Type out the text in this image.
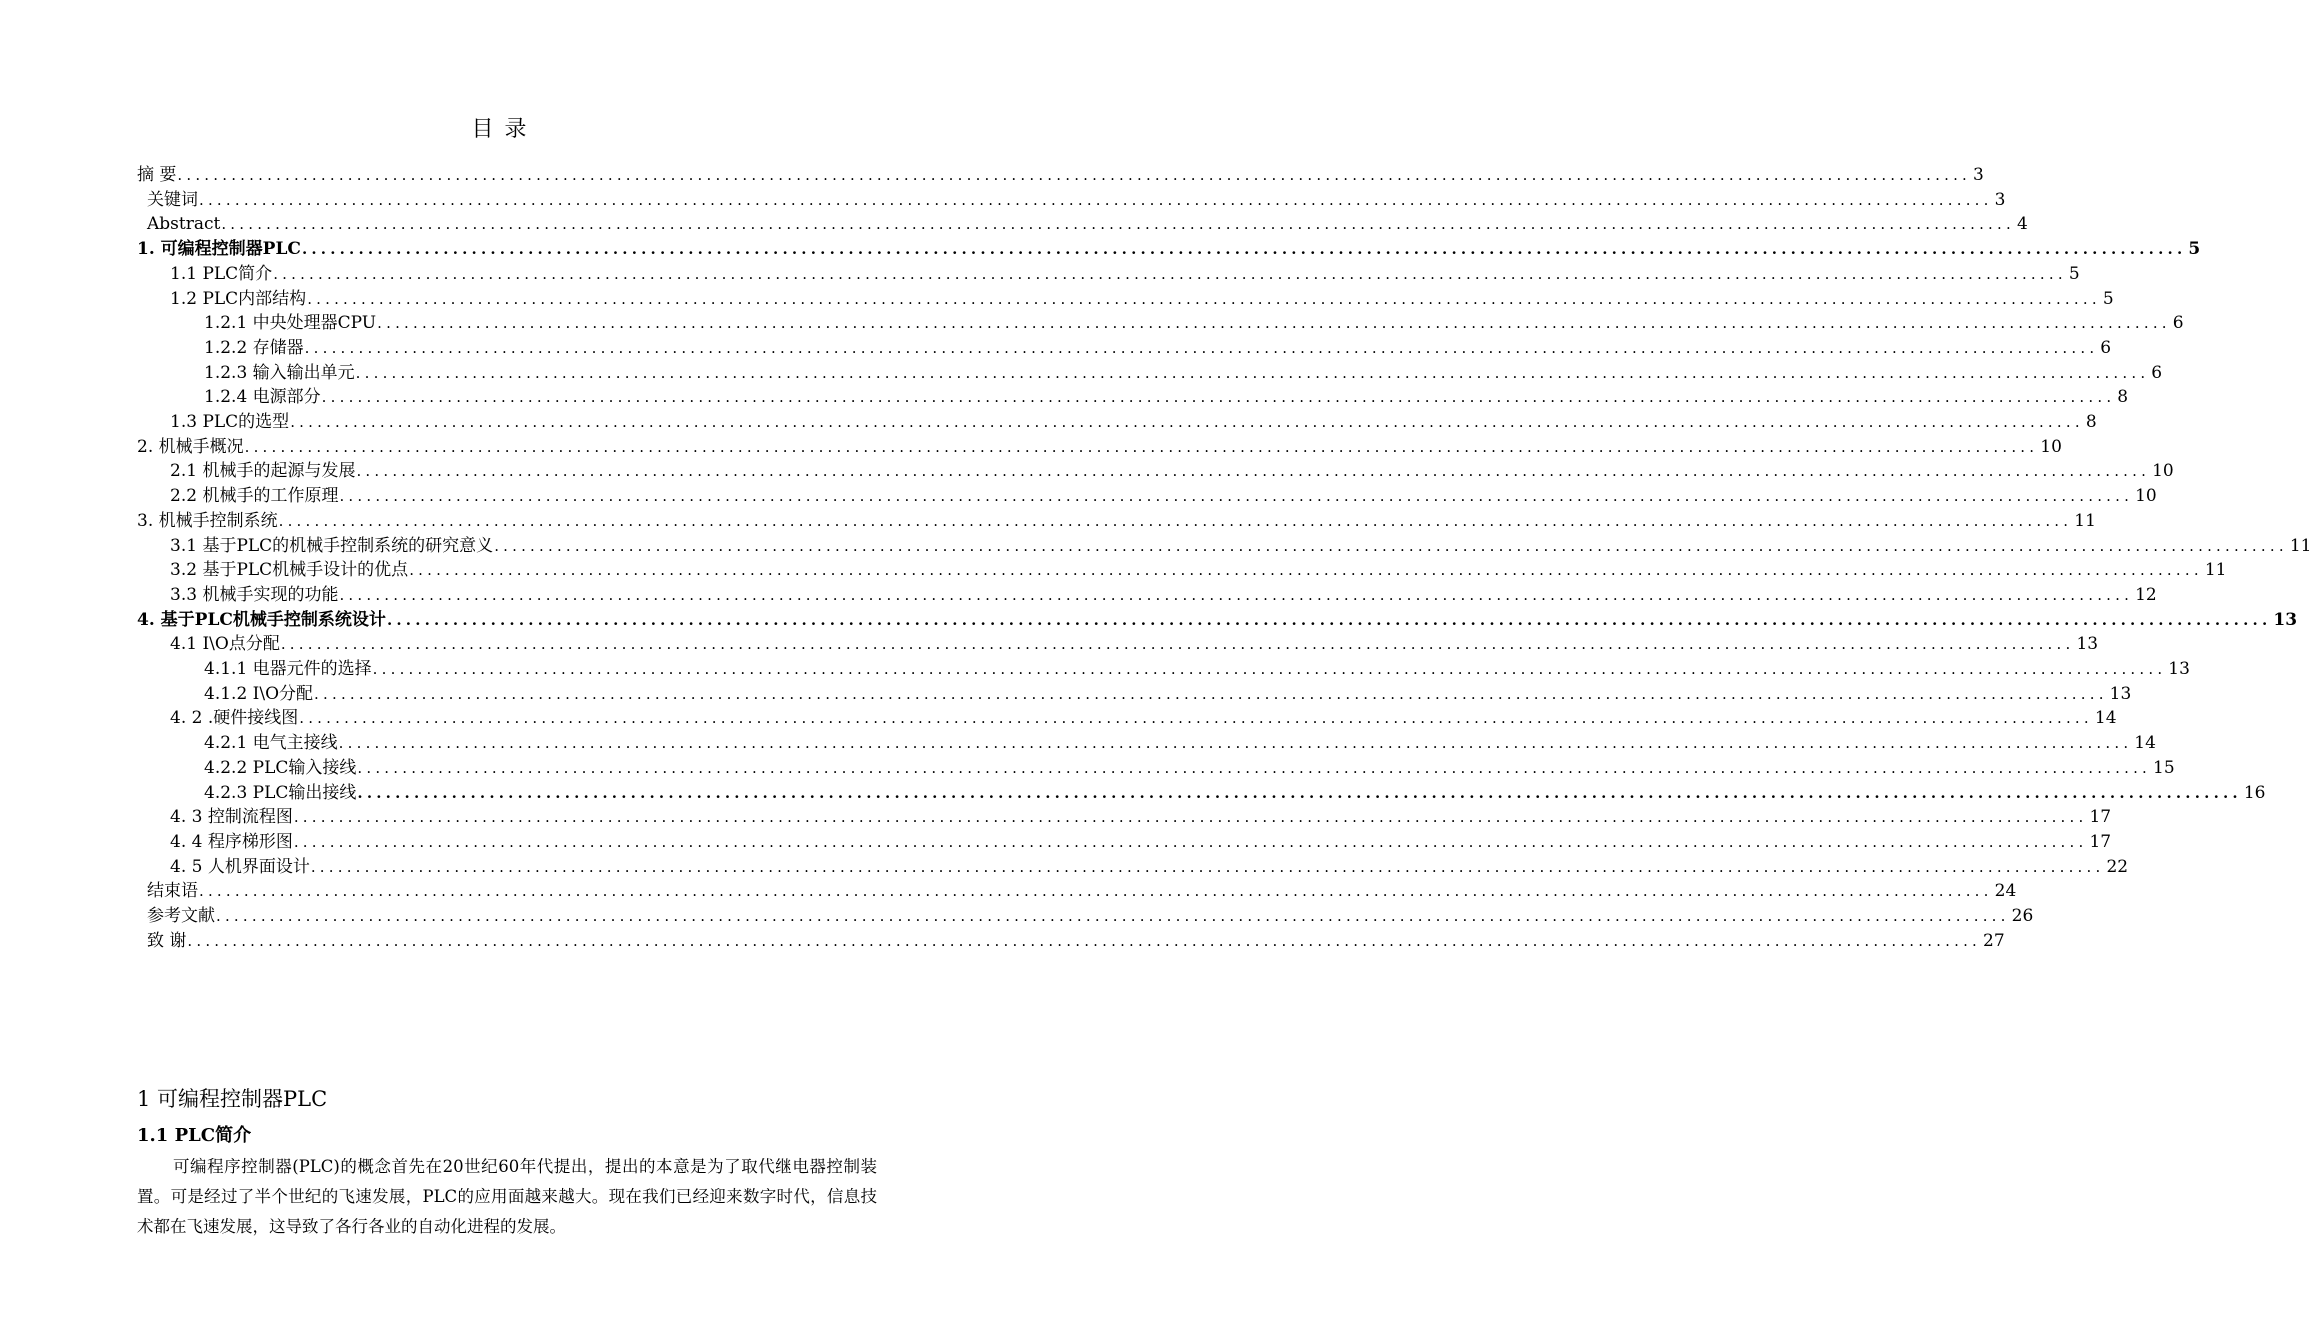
目 录
摘 要 ........................................................................................................................................................................................................ 3
关键词 ........................................................................................................................................................................................................ 3
Abstract ........................................................................................................................................................................................................ 4
1. 可编程控制器PLC ........................................................................................................................................................................................................ 5
1.1 PLC简介 ........................................................................................................................................................................................................ 5
1.2 PLC内部结构 ........................................................................................................................................................................................................ 5
1.2.1 中央处理器CPU ........................................................................................................................................................................................................ 6
1.2.2 存储器 ........................................................................................................................................................................................................ 6
1.2.3 输入输出单元 ........................................................................................................................................................................................................ 6
1.2.4 电源部分 ........................................................................................................................................................................................................ 8
1.3 PLC的选型 ........................................................................................................................................................................................................ 8
2. 机械手概况 ........................................................................................................................................................................................................ 10
2.1 机械手的起源与发展 ........................................................................................................................................................................................................ 10
2.2 机械手的工作原理 ........................................................................................................................................................................................................ 10
3. 机械手控制系统 ........................................................................................................................................................................................................ 11
3.1 基于PLC的机械手控制系统的研究意义 ........................................................................................................................................................................................................ 11
3.2 基于PLC机械手设计的优点 ........................................................................................................................................................................................................ 11
3.3 机械手实现的功能 ........................................................................................................................................................................................................ 12
4. 基于PLC机械手控制系统设计 ........................................................................................................................................................................................................ 13
4.1 I\O点分配 ........................................................................................................................................................................................................ 13
4.1.1 电器元件的选择 ........................................................................................................................................................................................................ 13
4.1.2 I\O分配 ........................................................................................................................................................................................................ 13
4. 2 .硬件接线图 ........................................................................................................................................................................................................ 14
4.2.1 电气主接线 ........................................................................................................................................................................................................ 14
4.2.2 PLC输入接线 ........................................................................................................................................................................................................ 15
4.2.3 PLC输出接线 ........................................................................................................................................................................................................ 16
4. 3 控制流程图 ........................................................................................................................................................................................................ 17
4. 4 程序梯形图 ........................................................................................................................................................................................................ 17
4. 5 人机界面设计 ........................................................................................................................................................................................................ 22
结束语 ........................................................................................................................................................................................................ 24
参考文献 ........................................................................................................................................................................................................ 26
致 谢 ........................................................................................................................................................................................................ 27
1 可编程控制器PLC
1.1 PLC简介
可编程序控制器(PLC)的概念首先在20世纪60年代提出，提出的本意是为了取代继电器控制装置。可是经过了半个世纪的飞速发展，PLC的应用面越来越大。现在我们已经迎来数字时代，信息技术都在飞速发展，这导致了各行各业的自动化进程的发展。
